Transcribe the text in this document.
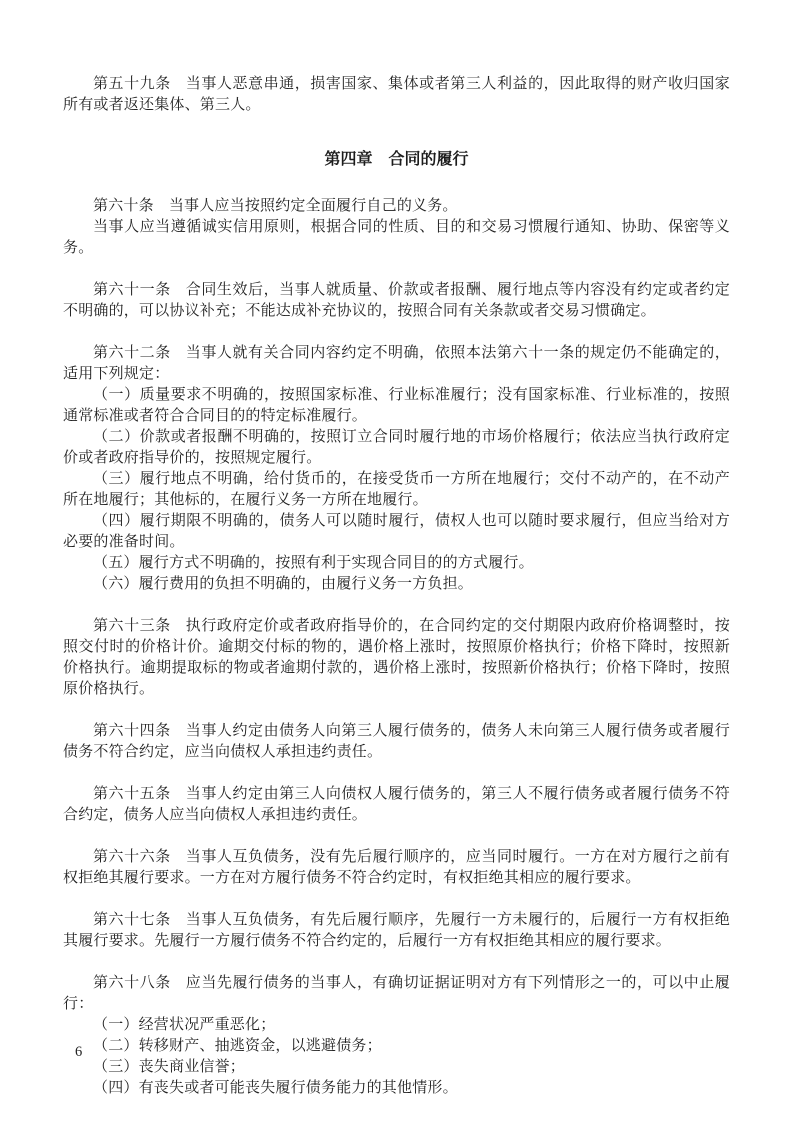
第五十九条 当事人恶意串通，损害国家、集体或者第三人利益的，因此取得的财产收归国家所有或者返还集体、第三人。

第四章　合同的履行

第六十条 当事人应当按照约定全面履行自己的义务。

当事人应当遵循诚实信用原则，根据合同的性质、目的和交易习惯履行通知、协助、保密等义务。

第六十一条 合同生效后，当事人就质量、价款或者报酬、履行地点等内容没有约定或者约定不明确的，可以协议补充；不能达成补充协议的，按照合同有关条款或者交易习惯确定。

第六十二条 当事人就有关合同内容约定不明确，依照本法第六十一条的规定仍不能确定的，适用下列规定：

（一）质量要求不明确的，按照国家标准、行业标准履行；没有国家标准、行业标准的，按照通常标准或者符合合同目的的特定标准履行。

（二）价款或者报酬不明确的，按照订立合同时履行地的市场价格履行；依法应当执行政府定价或者政府指导价的，按照规定履行。

（三）履行地点不明确，给付货币的，在接受货币一方所在地履行；交付不动产的，在不动产所在地履行；其他标的，在履行义务一方所在地履行。

（四）履行期限不明确的，债务人可以随时履行，债权人也可以随时要求履行，但应当给对方必要的准备时间。

（五）履行方式不明确的，按照有利于实现合同目的的方式履行。

（六）履行费用的负担不明确的，由履行义务一方负担。

第六十三条 执行政府定价或者政府指导价的，在合同约定的交付期限内政府价格调整时，按照交付时的价格计价。逾期交付标的物的，遇价格上涨时，按照原价格执行；价格下降时，按照新价格执行。逾期提取标的物或者逾期付款的，遇价格上涨时，按照新价格执行；价格下降时，按照原价格执行。

第六十四条 当事人约定由债务人向第三人履行债务的，债务人未向第三人履行债务或者履行债务不符合约定，应当向债权人承担违约责任。

第六十五条 当事人约定由第三人向债权人履行债务的，第三人不履行债务或者履行债务不符合约定，债务人应当向债权人承担违约责任。

第六十六条 当事人互负债务，没有先后履行顺序的，应当同时履行。一方在对方履行之前有权拒绝其履行要求。一方在对方履行债务不符合约定时，有权拒绝其相应的履行要求。

第六十七条 当事人互负债务，有先后履行顺序，先履行一方未履行的，后履行一方有权拒绝其履行要求。先履行一方履行债务不符合约定的，后履行一方有权拒绝其相应的履行要求。

第六十八条 应当先履行债务的当事人，有确切证据证明对方有下列情形之一的，可以中止履行：

（一）经营状况严重恶化；

（二）转移财产、抽逃资金，以逃避债务；

（三）丧失商业信誉；

（四）有丧失或者可能丧失履行债务能力的其他情形。

6
